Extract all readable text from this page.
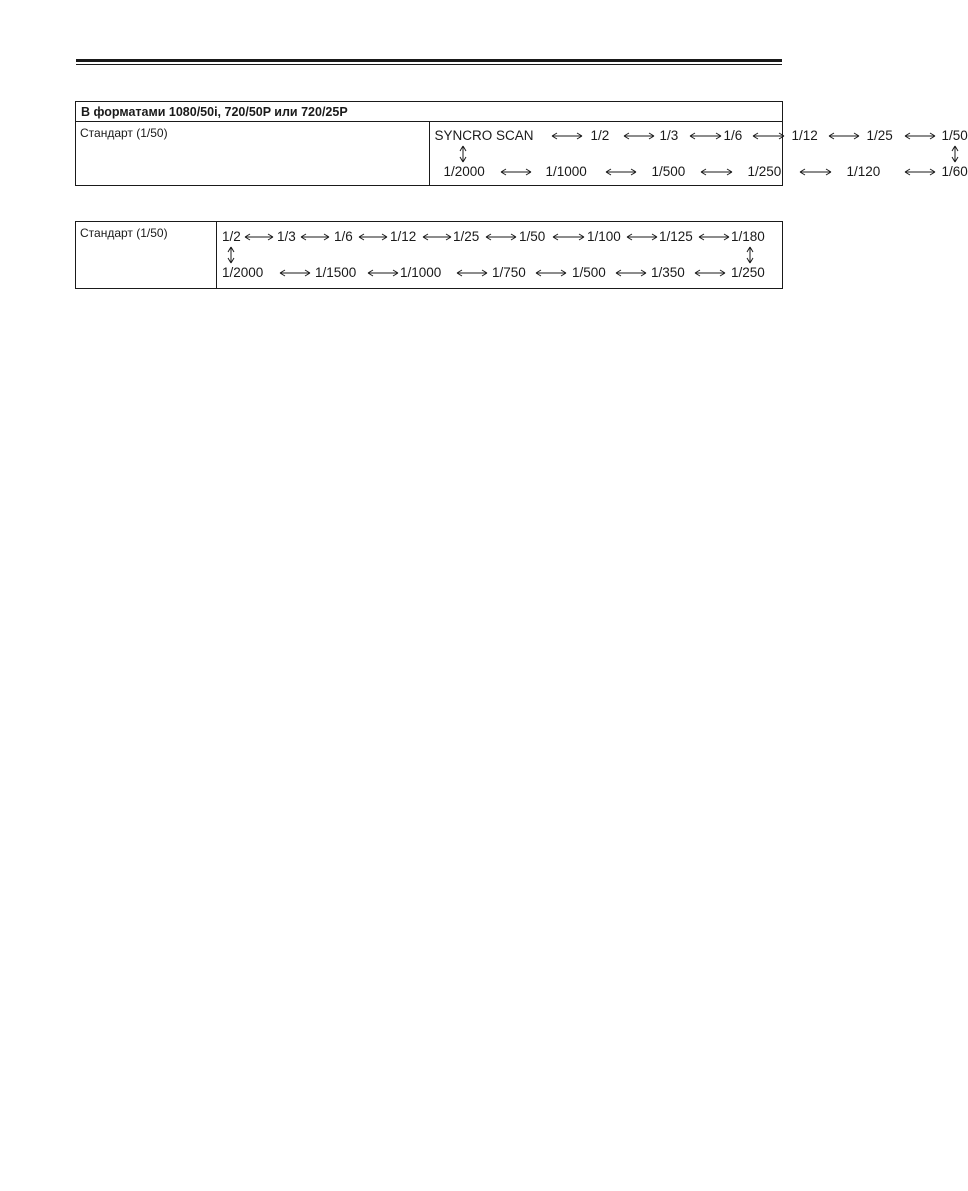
В форматами 1080/50i, 720/50P или 720/25P
Стандарт (1/50)	SYNCRO SCAN	1/2	1/3	1/6	1/12	1/25	1/50
1/2000	1/1000	1/500	1/250	1/120	1/60
Стандарт (1/50)	1/2	1/3	1/6	1/12	1/25	1/50	1/100	1/125	1/180
1/2000	1/1500	1/1000	1/750	1/500	1/350	1/250
